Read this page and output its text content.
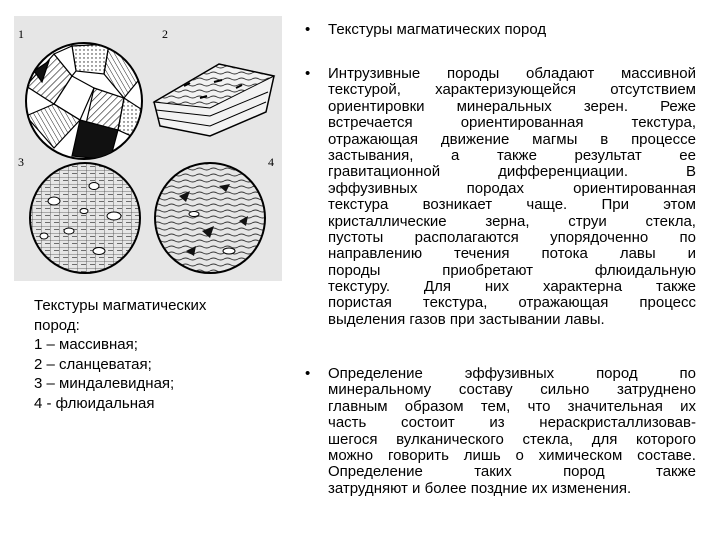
1	2
3	4
Текстуры магматических
пород:
1 – массивная;
2 – сланцеватая;
3 – миндалевидная;
4 - флюидальная
• Текстуры магматических пород
• Интрузивные породы обладают массивной
текстурой, характеризующейся отсутствием
ориентировки минеральных зерен. Реже
встречается	ориентированная	текстура,
отражающая движение магмы в процессе
застывания,	а	также	результат	ее
гравитационной	дифференциации.	В
эффузивных	породах	ориентированная
текстура возникает чаще. При этом
кристаллические	зерна,	струи	стекла,
пустоты располагаются упорядоченно по
направлению течения потока лавы и
породы	приобретают	флюидальную
текстуру. Для них характерна также
пористая текстура, отражающая процесс
выделения газов при застывании лавы.
• Определение	эффузивных	пород	по
минеральному составу сильно затруднено
главным образом тем, что значительная их
часть состоит из нераскристаллизовав-
шегося вулканического стекла, для которого
можно говорить лишь о химическом составе.
Определение	таких	пород	также
затрудняют и более поздние их изменения.
